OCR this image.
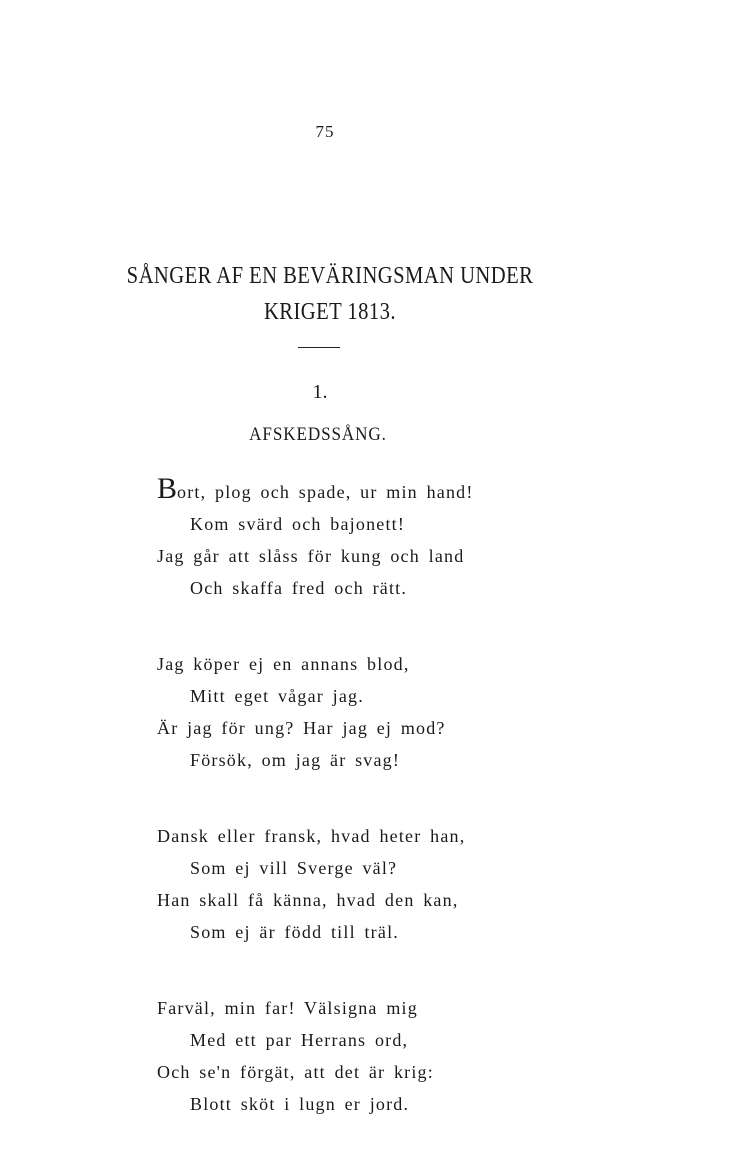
75
SÅNGER AF EN BEVÄRINGSMAN UNDER
KRIGET 1813.
1.
AFSKEDSSÅNG.
Bort, plog och spade, ur min hand!
Kom svärd och bajonett!
Jag går att slåss för kung och land
Och skaffa fred och rätt.
Jag köper ej en annans blod,
Mitt eget vågar jag.
Är jag för ung? Har jag ej mod?
Försök, om jag är svag!
Dansk eller fransk, hvad heter han,
Som ej vill Sverge väl?
Han skall få känna, hvad den kan,
Som ej är född till träl.
Farväl, min far! Välsigna mig
Med ett par Herrans ord,
Och se'n förgät, att det är krig:
Blott sköt i lugn er jord.
